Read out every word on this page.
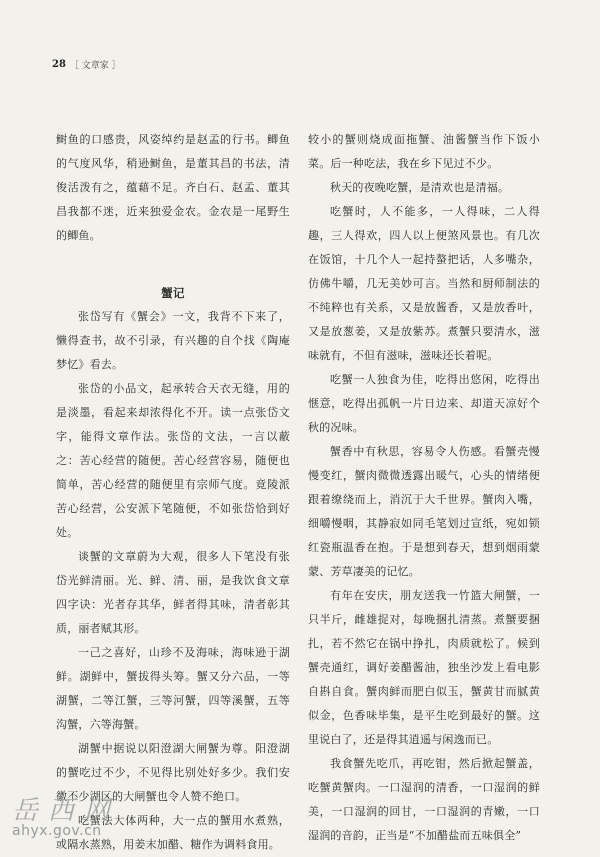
28 ［ 文章家 ］

鲥鱼的口感贵，风姿绰约是赵孟的行书。鲫鱼的气度风华，稍逊鲥鱼，是董其昌的书法，清俊活泼有之，蕴藉不足。齐白石、赵孟、董其昌我都不迷，近来独爱金农。金农是一尾野生的鲫鱼。

蟹记

张岱写有《蟹会》一文，我背不下来了，懒得查书，故不引录，有兴趣的自个找《陶庵梦忆》看去。

张岱的小品文，起承转合天衣无缝，用的是淡墨，看起来却浓得化不开。读一点张岱文字，能得文章作法。张岱的文法，一言以蔽之：苦心经营的随便。苦心经营容易，随便也简单，苦心经营的随便里有宗师气度。竟陵派苦心经营，公安派下笔随便，不如张岱恰到好处。

谈蟹的文章蔚为大观，很多人下笔没有张岱光鲜清丽。光、鲜、清、丽，是我饮食文章四字诀：光者存其华，鲜者得其味，清者彰其质，丽者赋其形。

一己之喜好，山珍不及海味，海味逊于湖鲜。湖鲜中，蟹拔得头筹。蟹又分六品，一等湖蟹，二等江蟹，三等河蟹，四等溪蟹，五等沟蟹，六等海蟹。

湖蟹中据说以阳澄湖大闸蟹为尊。阳澄湖的蟹吃过不少，不见得比别处好多少。我们安徽不少湖区的大闸蟹也令人赞不绝口。

吃蟹法大体两种，大一点的蟹用水煮熟，或隔水蒸熟，用姜末加醋、糖作为调料食用。

较小的蟹则烧成面拖蟹、油酱蟹当作下饭小菜。后一种吃法，我在乡下见过不少。

秋天的夜晚吃蟹，是清欢也是清福。

吃蟹时，人不能多，一人得味，二人得趣，三人得欢，四人以上便煞风景也。有几次在饭馆，十几个人一起持螯把话，人多嘴杂，仿佛牛嚼，几无美妙可言。当然和厨师制法的不纯粹也有关系，又是放酱香，又是放香叶，又是放葱姜，又是放紫苏。煮蟹只要清水，滋味就有，不但有滋味，滋味还长着呢。

吃蟹一人独食为佳，吃得出悠闲，吃得出惬意，吃得出孤帆一片日边来、却道天凉好个秋的况味。

蟹香中有秋思，容易令人伤感。看蟹壳慢慢变红，蟹肉微微透露出暖气，心头的情绪便跟着缭绕而上，消沉于大千世界。蟹肉入嘴，细嚼慢咽，其静寂如同毛笔划过宣纸，宛如锁红瓷瓶温香在抱。于是想到春天，想到烟雨蒙蒙、芳草凄美的记忆。

有年在安庆，朋友送我一竹篮大闸蟹，一只半斤，雌雄捉对，每晚捆扎清蒸。煮蟹要捆扎，若不然它在锅中挣扎，肉质就松了。候到蟹壳通红，调好姜醋酱油，独坐沙发上看电影自斟自食。蟹肉鲜而肥白似玉，蟹黄甘而腻黄似金，色香味毕集，是平生吃到最好的蟹。这里说白了，还是得其逍遥与闲逸而已。

我食蟹先吃爪，再吃钳，然后掀起蟹盖，吃蟹黄蟹肉。一口湿润的清香，一口湿润的鲜美，一口湿润的回甘，一口湿润的青嫩，一口湿润的音韵，正当是“不加醋盐而五味俱全”

岳西网
ahyx.gov.cn
